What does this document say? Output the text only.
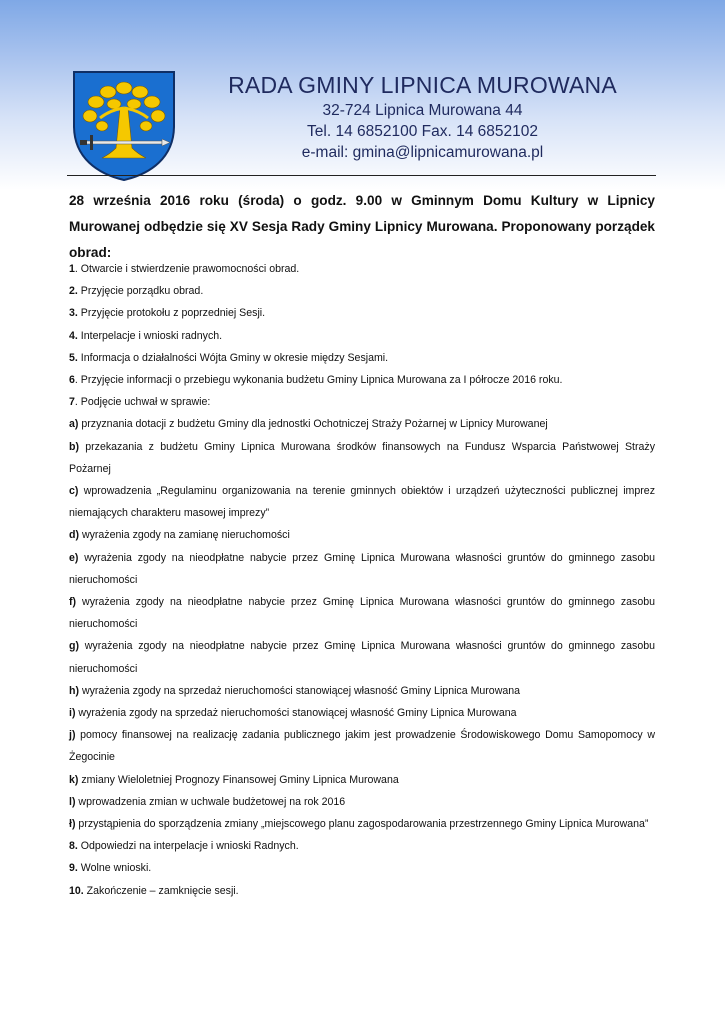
RADA GMINY LIPNICA MUROWANA
32-724 Lipnica Murowana 44
Tel. 14 6852100 Fax. 14 6852102
e-mail: gmina@lipnicamurowana.pl
28 września 2016 roku (środa) o godz. 9.00 w Gminnym Domu Kultury w Lipnicy Murowanej odbędzie się XV Sesja Rady Gminy Lipnicy Murowana. Proponowany porządek obrad:

1. Otwarcie i stwierdzenie prawomocności obrad.

2. Przyjęcie porządku obrad.

3. Przyjęcie protokołu z poprzedniej Sesji.

4. Interpelacje i wnioski radnych.

5. Informacja o działalności Wójta Gminy w okresie między Sesjami.

6. Przyjęcie informacji o przebiegu wykonania budżetu Gminy Lipnica Murowana za I półrocze 2016 roku.

7. Podjęcie uchwał w sprawie:

a) przyznania dotacji z budżetu Gminy dla jednostki Ochotniczej Straży Pożarnej w Lipnicy Murowanej

b) przekazania z budżetu Gminy Lipnica Murowana środków finansowych na Fundusz Wsparcia Państwowej Straży Pożarnej

c) wprowadzenia „Regulaminu organizowania na terenie gminnych obiektów i urządzeń użyteczności publicznej imprez niemających charakteru masowej imprezy”

d) wyrażenia zgody na zamianę nieruchomości

e) wyrażenia zgody na nieodpłatne nabycie przez Gminę Lipnica Murowana własności gruntów do gminnego zasobu nieruchomości

f) wyrażenia zgody na nieodpłatne nabycie przez Gminę Lipnica Murowana własności gruntów do gminnego zasobu nieruchomości

g) wyrażenia zgody na nieodpłatne nabycie przez Gminę Lipnica Murowana własności gruntów do gminnego zasobu nieruchomości

h) wyrażenia zgody na sprzedaż nieruchomości stanowiącej własność Gminy Lipnica Murowana

i) wyrażenia zgody na sprzedaż nieruchomości stanowiącej własność Gminy Lipnica Murowana

j) pomocy finansowej na realizację zadania publicznego jakim jest prowadzenie Środowiskowego Domu Samopomocy w Żegocinie

k) zmiany Wieloletniej Prognozy Finansowej Gminy Lipnica Murowana

l) wprowadzenia zmian w uchwale budżetowej na rok 2016

ł) przystąpienia do sporządzenia zmiany „miejscowego planu zagospodarowania przestrzennego Gminy Lipnica Murowana”

8. Odpowiedzi na interpelacje i wnioski Radnych.

9. Wolne wnioski.

10. Zakończenie – zamknięcie sesji.
